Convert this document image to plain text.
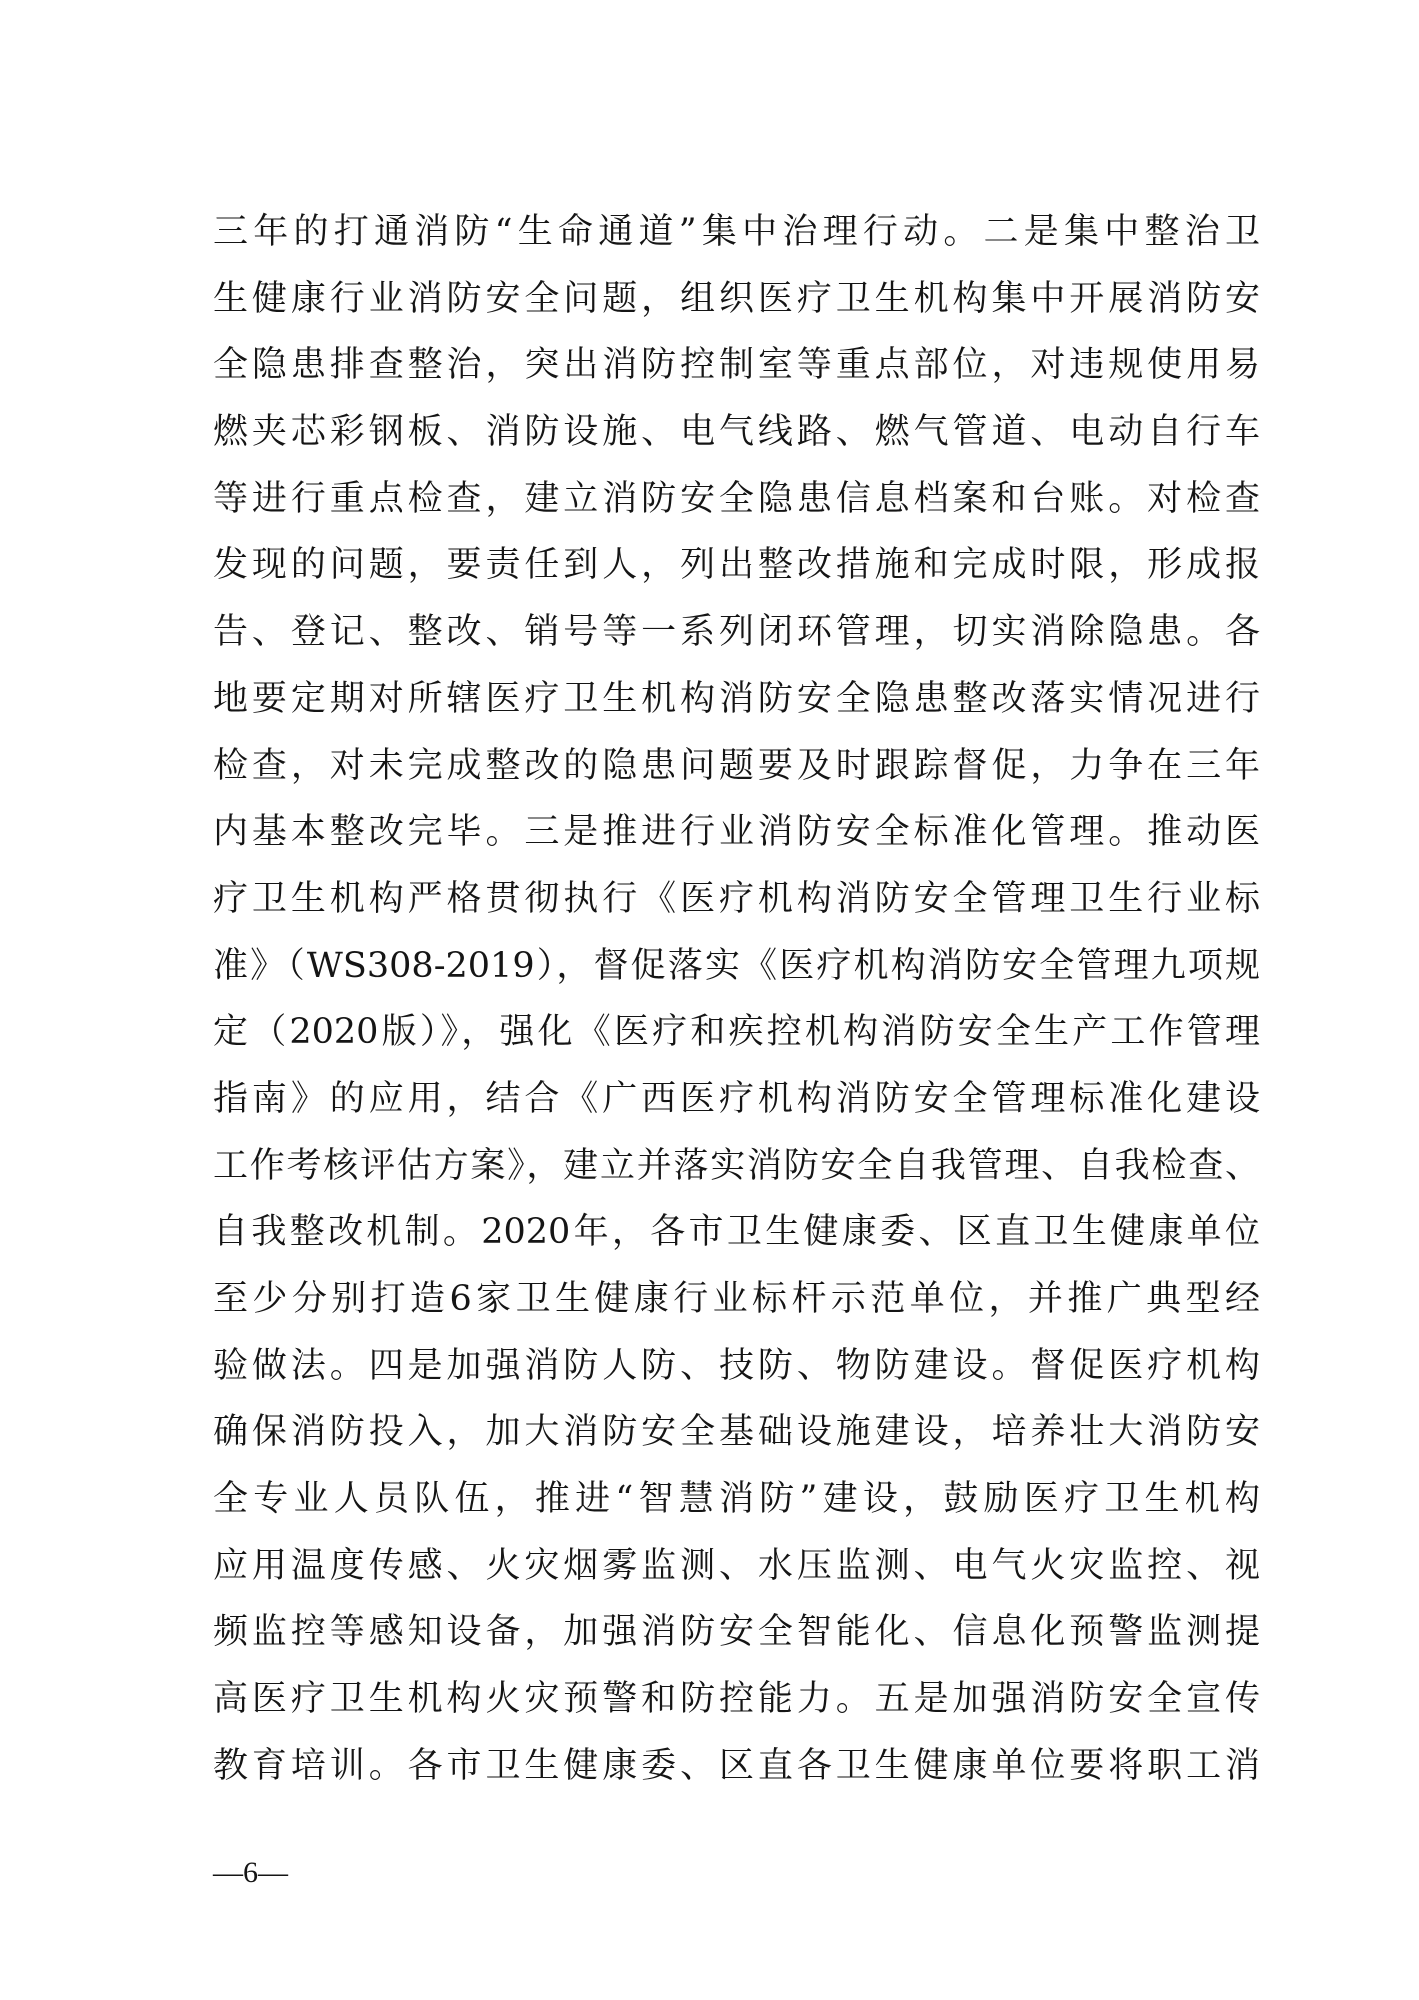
三年的打通消防“生命通道”集中治理行动。二是集中整治卫
生健康行业消防安全问题，组织医疗卫生机构集中开展消防安
全隐患排查整治，突出消防控制室等重点部位，对违规使用易
燃夹芯彩钢板、消防设施、电气线路、燃气管道、电动自行车
等进行重点检查，建立消防安全隐患信息档案和台账。对检查
发现的问题，要责任到人，列出整改措施和完成时限，形成报
告、登记、整改、销号等一系列闭环管理，切实消除隐患。各
地要定期对所辖医疗卫生机构消防安全隐患整改落实情况进行
检查，对未完成整改的隐患问题要及时跟踪督促，力争在三年
内基本整改完毕。三是推进行业消防安全标准化管理。推动医
疗卫生机构严格贯彻执行《医疗机构消防安全管理卫生行业标
准》（WS308-2019），督促落实《医疗机构消防安全管理九项规
定（2020版）》，强化《医疗和疾控机构消防安全生产工作管理
指南》的应用，结合《广西医疗机构消防安全管理标准化建设
工作考核评估方案》，建立并落实消防安全自我管理、自我检查、
自我整改机制。2020年，各市卫生健康委、区直卫生健康单位
至少分别打造6家卫生健康行业标杆示范单位，并推广典型经
验做法。四是加强消防人防、技防、物防建设。督促医疗机构
确保消防投入，加大消防安全基础设施建设，培养壮大消防安
全专业人员队伍，推进“智慧消防”建设，鼓励医疗卫生机构
应用温度传感、火灾烟雾监测、水压监测、电气火灾监控、视
频监控等感知设备，加强消防安全智能化、信息化预警监测提
高医疗卫生机构火灾预警和防控能力。五是加强消防安全宣传
教育培训。各市卫生健康委、区直各卫生健康单位要将职工消
—6—
